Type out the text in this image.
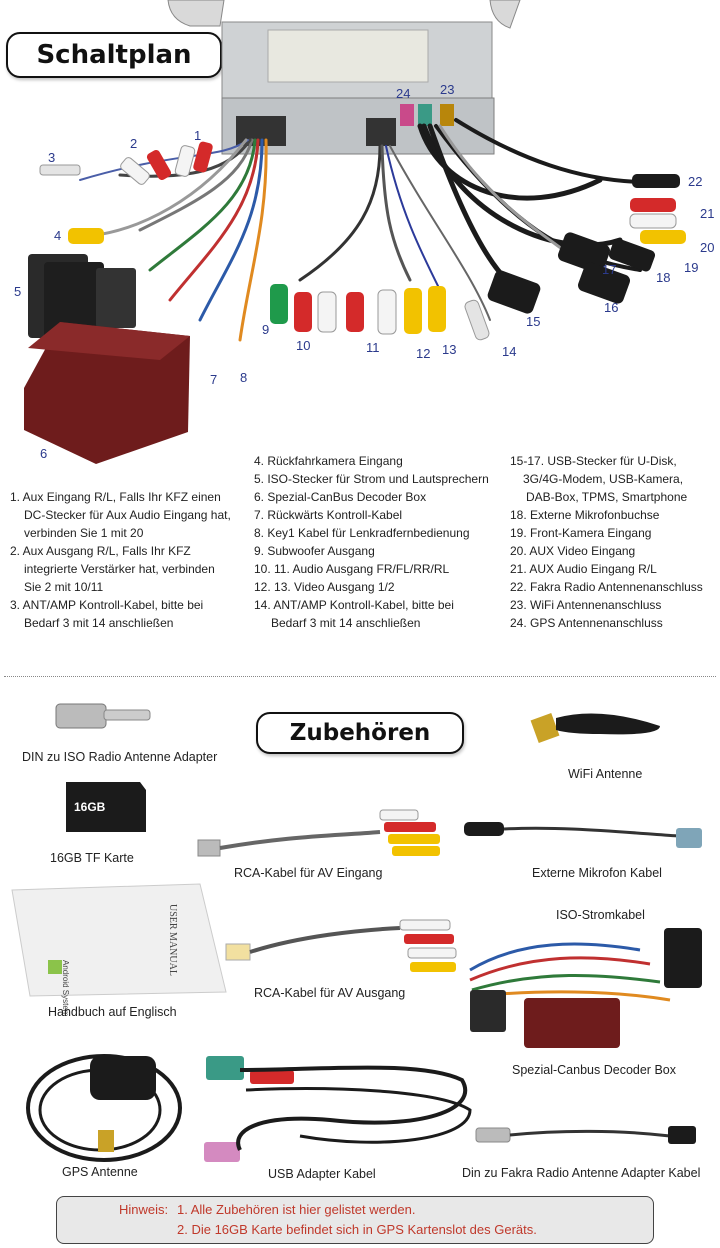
Schaltplan
1
2
3
4
5
6
7 8
9
10	11	12 13	14
15
16
17
18
19
20
21
22
23
24
1. Aux Eingang R/L, Falls Ihr KFZ einen
DC-Stecker für Aux Audio Eingang hat,
verbinden Sie 1 mit 20
2. Aux Ausgang R/L, Falls Ihr KFZ
integrierte Verstärker hat, verbinden
Sie 2 mit 10/11
3. ANT/AMP Kontroll-Kabel, bitte bei
Bedarf 3 mit 14 anschließen
4. Rückfahrkamera Eingang
5. ISO-Stecker für Strom und Lautsprechern
6. Spezial-CanBus Decoder Box
7. Rückwärts Kontroll-Kabel
8. Key1 Kabel für Lenkradfernbedienung
9. Subwoofer Ausgang
10. 11. Audio Ausgang FR/FL/RR/RL
12. 13. Video Ausgang 1/2
14. ANT/AMP Kontroll-Kabel, bitte bei
Bedarf 3 mit 14 anschließen
15-17. USB-Stecker für U-Disk,
3G/4G-Modem, USB-Kamera,
DAB-Box, TPMS, Smartphone
18. Externe Mikrofonbuchse
19. Front-Kamera Eingang
20. AUX Video Eingang
21. AUX Audio Eingang R/L
22. Fakra Radio Antennenanschluss
23. WiFi Antennenanschluss
24. GPS Antennenanschluss
Zubehören
16GB
Android System
USER MANUAL
DIN zu ISO Radio Antenne Adapter
WiFi Antenne
16GB TF Karte
RCA-Kabel für AV Eingang	Externe Mikrofon Kabel
ISO-Stromkabel
Handbuch auf Englisch
RCA-Kabel für AV Ausgang
Spezial-Canbus Decoder Box
GPS Antenne	USB Adapter Kabel	Din zu Fakra Radio Antenne Adapter Kabel
Hinweis: 1. Alle Zubehören ist hier gelistet werden.
2. Die 16GB Karte befindet sich in GPS Kartenslot des Geräts.
